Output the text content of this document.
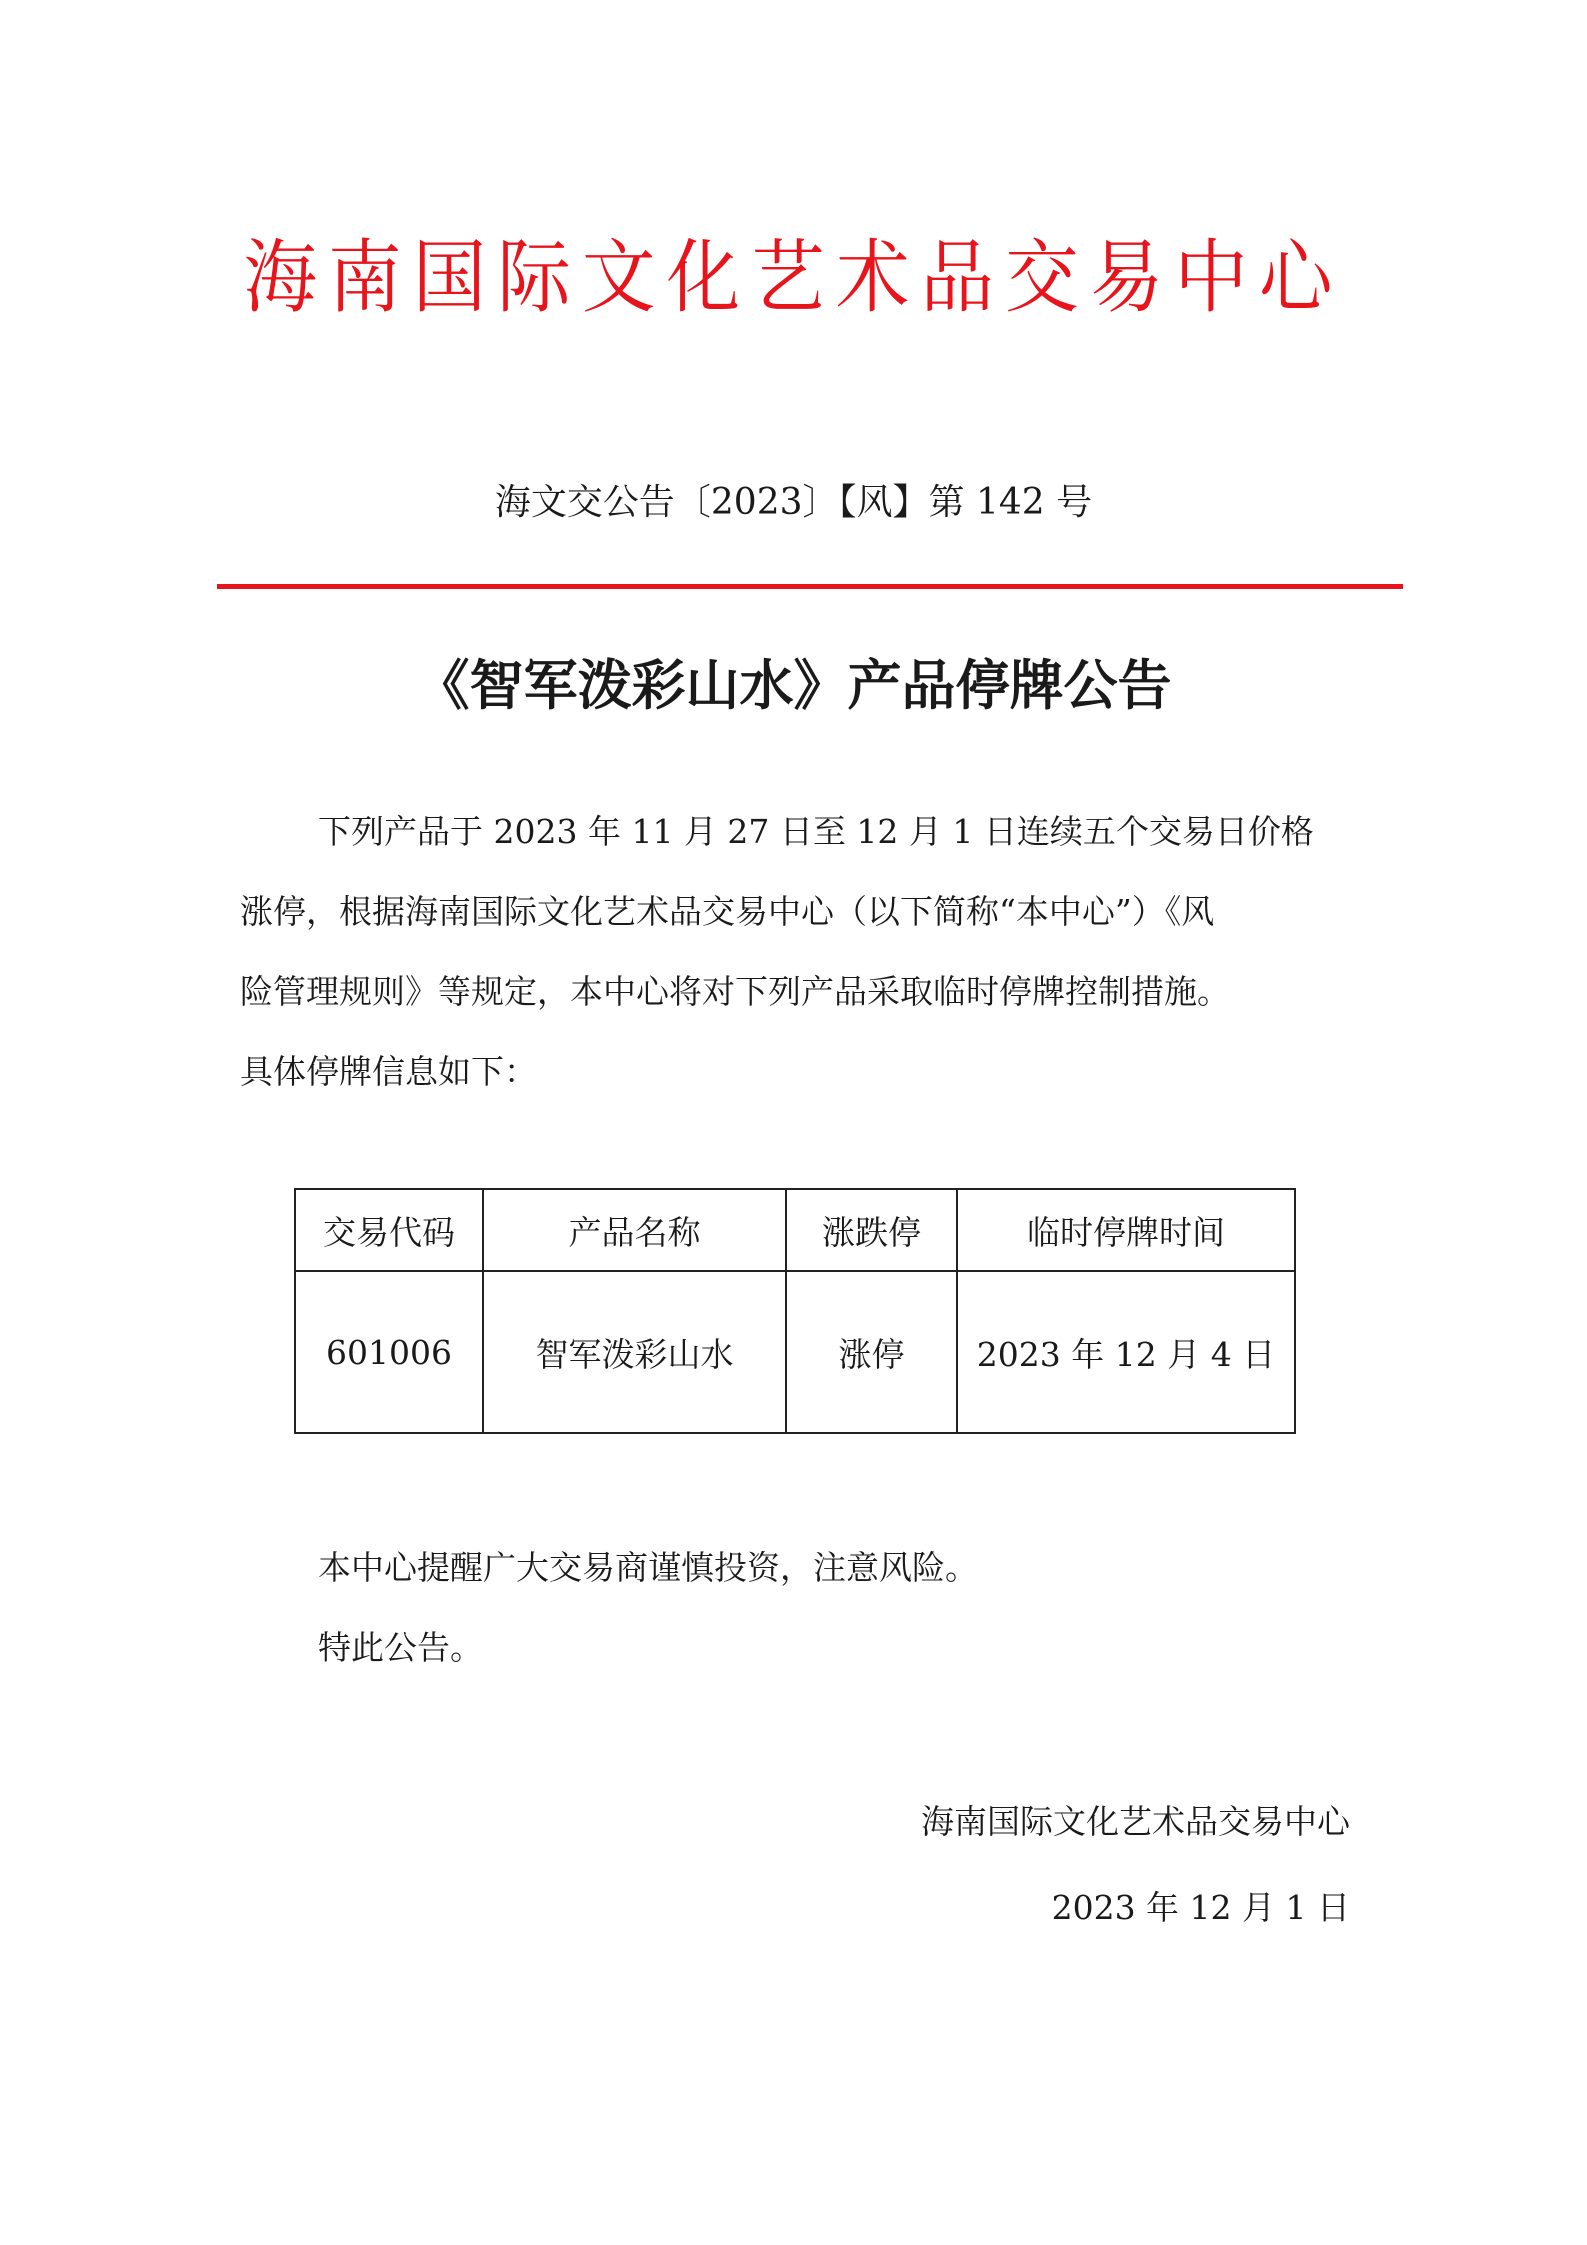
海南国际文化艺术品交易中心
海文交公告〔2023〕【风】第 142 号
《智军泼彩山水》产品停牌公告
下列产品于 2023 年 11 月 27 日至 12 月 1 日连续五个交易日价格
涨停，根据海南国际文化艺术品交易中心（以下简称“本中心”）《风
险管理规则》等规定，本中心将对下列产品采取临时停牌控制措施。
具体停牌信息如下：
交易代码	产品名称	涨跌停	临时停牌时间
601006	智军泼彩山水	涨停	2023 年 12 月 4 日
本中心提醒广大交易商谨慎投资，注意风险。
特此公告。
海南国际文化艺术品交易中心
2023 年 12 月 1 日
